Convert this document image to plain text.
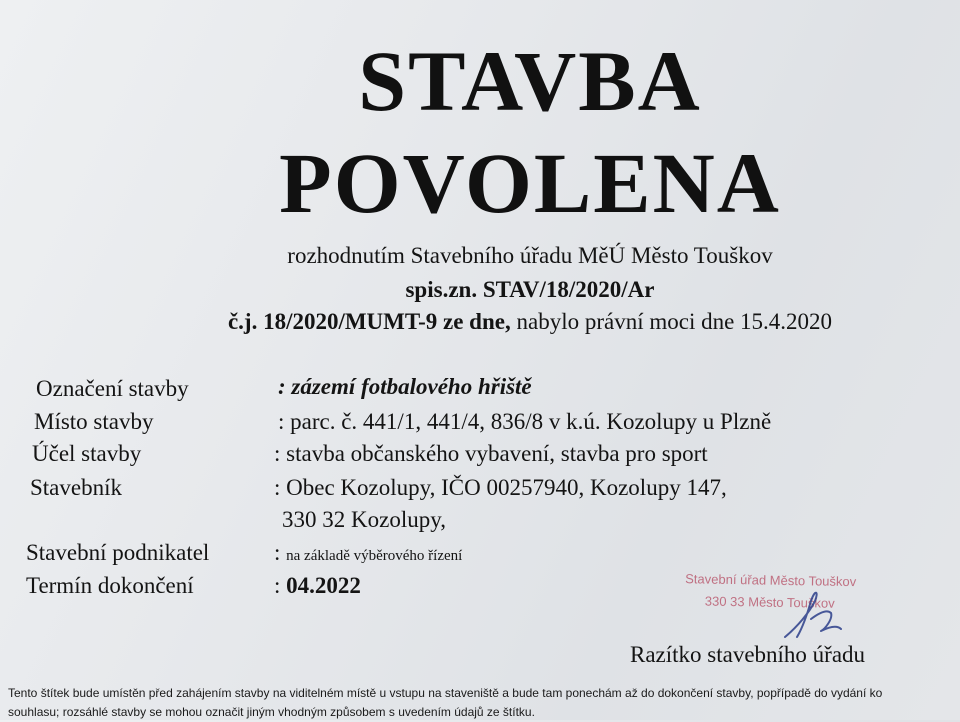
STAVBA
POVOLENA
rozhodnutím Stavebního úřadu MěÚ Město Touškov
spis.zn. STAV/18/2020/Ar
č.j. 18/2020/MUMT-9 ze dne, nabylo právní moci dne 15.4.2020
Označení stavby	: zázemí fotbalového hřiště
Místo stavby	: parc. č. 441/1, 441/4, 836/8 v k.ú. Kozolupy u Plzně
Účel stavby	: stavba občanského vybavení, stavba pro sport
Stavebník	: Obec Kozolupy, IČO 00257940, Kozolupy 147,
330 32 Kozolupy,
Stavební podnikatel	: na základě výběrového řízení
Termín dokončení	: 04.2022	Stavební úřad Město Touškov
330 33 Město Touškov
Razítko stavebního úřadu
Tento štítek bude umístěn před zahájením stavby na viditelném místě u vstupu na staveniště a bude tam ponechám až do dokončení stavby, popřípadě do vydání ko
souhlasu; rozsáhlé stavby se mohou označit jiným vhodným způsobem s uvedením údajů ze štítku.
